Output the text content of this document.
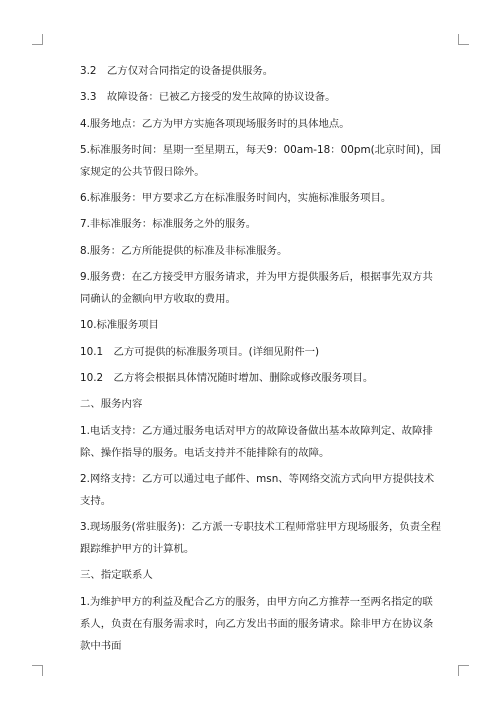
3.2　乙方仅对合同指定的设备提供服务。

3.3　故障设备：已被乙方接受的发生故障的协议设备。

4.服务地点：乙方为甲方实施各项现场服务时的具体地点。

5.标准服务时间：星期一至星期五，每天9：00am-18：00pm(北京时间)，国家规定的公共节假日除外。

6.标准服务：甲方要求乙方在标准服务时间内，实施标准服务项目。

7.非标准服务：标准服务之外的服务。

8.服务：乙方所能提供的标准及非标准服务。

9.服务费：在乙方接受甲方服务请求，并为甲方提供服务后，根据事先双方共同确认的金额向甲方收取的费用。

10.标准服务项目

10.1　乙方可提供的标准服务项目。(详细见附件一)

10.2　乙方将会根据具体情况随时增加、删除或修改服务项目。

二、服务内容

1.电话支持：乙方通过服务电话对甲方的故障设备做出基本故障判定、故障排除、操作指导的服务。电话支持并不能排除有的故障。

2.网络支持：乙方可以通过电子邮件、msn、等网络交流方式向甲方提供技术支持。

3.现场服务(常驻服务)：乙方派一专职技术工程师常驻甲方现场服务，负责全程跟踪维护甲方的计算机。

三、指定联系人

1.为维护甲方的利益及配合乙方的服务，由甲方向乙方推荐一至两名指定的联系人，负责在有服务需求时，向乙方发出书面的服务请求。除非甲方在协议条款中书面
